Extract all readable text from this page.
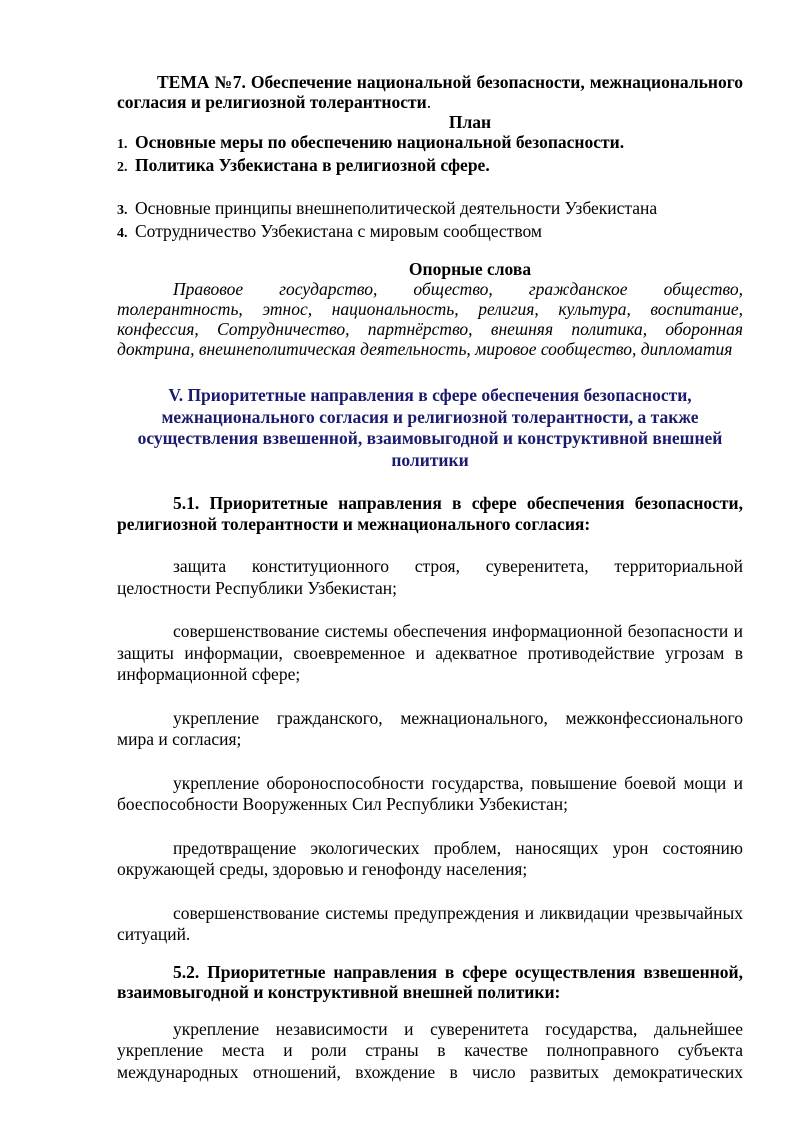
ТЕМА №7. Обеспечение национальной безопасности, межнационального согласия и религиозной толерантности.

План

1. Основные меры по обеспечению национальной безопасности.
2. Политика Узбекистана в религиозной сфере.
3. Основные принципы внешнеполитической деятельности Узбекистана
4. Сотрудничество Узбекистана с мировым сообществом

Опорные слова

Правовое государство, общество, гражданское общество, толерантность, этнос, национальность, религия, культура, воспитание, конфессия, Сотрудничество, партнёрство, внешняя политика, оборонная доктрина, внешнеполитическая деятельность, мировое сообщество, дипломатия

V. Приоритетные направления в сфере обеспечения безопасности, межнационального согласия и религиозной толерантности, а также осуществления взвешенной, взаимовыгодной и конструктивной внешней политики

5.1. Приоритетные направления в сфере обеспечения безопасности, религиозной толерантности и межнационального согласия:

защита конституционного строя, суверенитета, территориальной целостности Республики Узбекистан;

совершенствование системы обеспечения информационной безопасности и защиты информации, своевременное и адекватное противодействие угрозам в информационной сфере;

укрепление гражданского, межнационального, межконфессионального мира и согласия;

укрепление обороноспособности государства, повышение боевой мощи и боеспособности Вооруженных Сил Республики Узбекистан;

предотвращение экологических проблем, наносящих урон состоянию окружающей среды, здоровью и генофонду населения;

совершенствование системы предупреждения и ликвидации чрезвычайных ситуаций.

5.2. Приоритетные направления в сфере осуществления взвешенной, взаимовыгодной и конструктивной внешней политики:

укрепление независимости и суверенитета государства, дальнейшее укрепление места и роли страны в качестве полноправного субъекта международных отношений, вхождение в число развитых демократических
